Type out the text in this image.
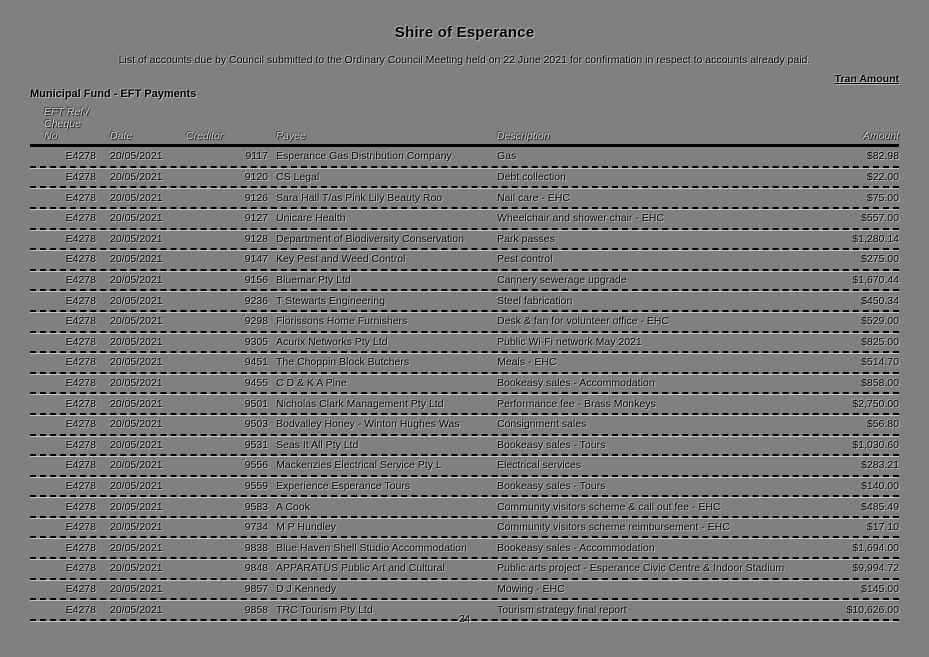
Shire of Esperance
List of accounts due by Council submitted to the Ordinary Council Meeting held on 22 June 2021 for confirmation in respect to accounts already paid.
Tran Amount
Municipal Fund - EFT Payments
EFT Ref /
Cheque No	Date	Creditor	Payee	Description	Amount
E4278	20/05/2021	9117 Esperance Gas Distribution Company	Gas	$82.98
E4278	20/05/2021	9120 CS Legal	Debt collection	$22.00
E4278	20/05/2021	9126 Sara Hall T/as Pink Lily Beauty Roo	Nail care - EHC	$75.00
E4278	20/05/2021	9127 Unicare Health	Wheelchair and shower chair - EHC	$557.00
E4278	20/05/2021	9128 Department of Biodiversity Conservation	Park passes	$1,280.14
E4278	20/05/2021	9147 Key Pest and Weed Control	Pest control	$275.00
E4278	20/05/2021	9156 Bluemar Pty Ltd	Cannery sewerage upgrade	$1,670.44
E4278	20/05/2021	9236 T Stewarts Engineering	Steel fabrication	$450.34
E4278	20/05/2021	9298 Florissons Home Furnishers	Desk & fan for volunteer office - EHC	$529.00
E4278	20/05/2021	9305 Acurix Networks Pty Ltd	Public Wi-Fi network May 2021	$825.00
E4278	20/05/2021	9451 The Choppin Block Butchers	Meals - EHC	$514.70
E4278	20/05/2021	9455 C D & K A Pine	Bookeasy sales - Accommodation	$858.00
E4278	20/05/2021	9501 Nicholas Clark Management Pty Ltd	Performance fee - Brass Monkeys	$2,750.00
E4278	20/05/2021	9503 Bodvalley Honey - Winton Hughes Was	Consignment sales	$56.80
E4278	20/05/2021	9531 Seas It All Pty Ltd	Bookeasy sales - Tours	$1,030.60
E4278	20/05/2021	9556 Mackenzies Electrical Service Pty L	Electrical services	$283.21
E4278	20/05/2021	9559 Experience Esperance Tours	Bookeasy sales - Tours	$140.00
E4278	20/05/2021	9583 A Cook	Community visitors scheme & call out fee - EHC	$485.49
E4278	20/05/2021	9734 M P Hundley	Community visitors scheme reimbursement - EHC	$17.10
E4278	20/05/2021	9838 Blue Haven Shell Studio Accommodation	Bookeasy sales - Accommodation	$1,694.00
E4278	20/05/2021	9848 APPARATUS Public Art and Cultural	Public arts project - Esperance Civic Centre & Indoor Stadium	$9,994.72
E4278	20/05/2021	9857 D J Kennedy	Mowing - EHC	$145.00
E4278	20/05/2021	9858 TRC Tourism Pty Ltd	Tourism strategy final report	$10,626.00
24
